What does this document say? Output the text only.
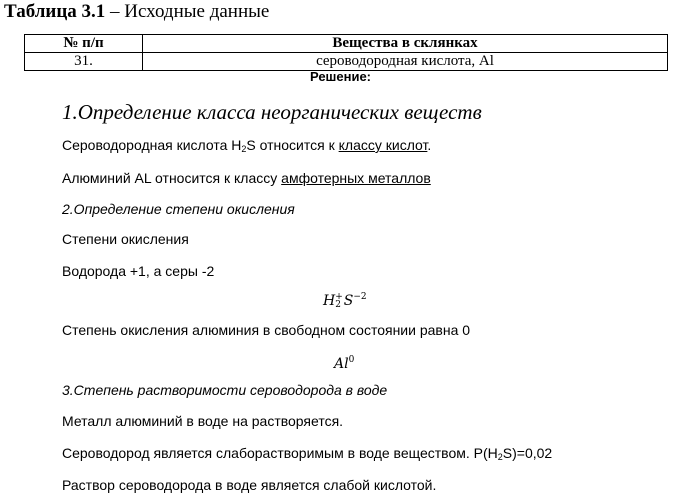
Таблица 3.1 – Исходные данные
№ п/п	Вещества в склянках
31.	сероводородная кислота, Al
Решение:
1.Определение класса неорганических веществ
Сероводородная кислота $H_2S$ относится к классу кислот.
Алюминий AL относится к классу амфотерных металлов
2.Определение степени окисления
Степени окисления
Водорода +1, а серы -2
H +
2 $S^{-2}$
Степень окисления алюминия в свободном состоянии равна 0
Al$^0$
3.Степень растворимости сероводорода в воде
Металл алюминий в воде на растворяется.
Сероводород является слаборастворимым в воде веществом. $P(H_2S)=0,02$
Раствор сероводорода в воде является слабой кислотой.
